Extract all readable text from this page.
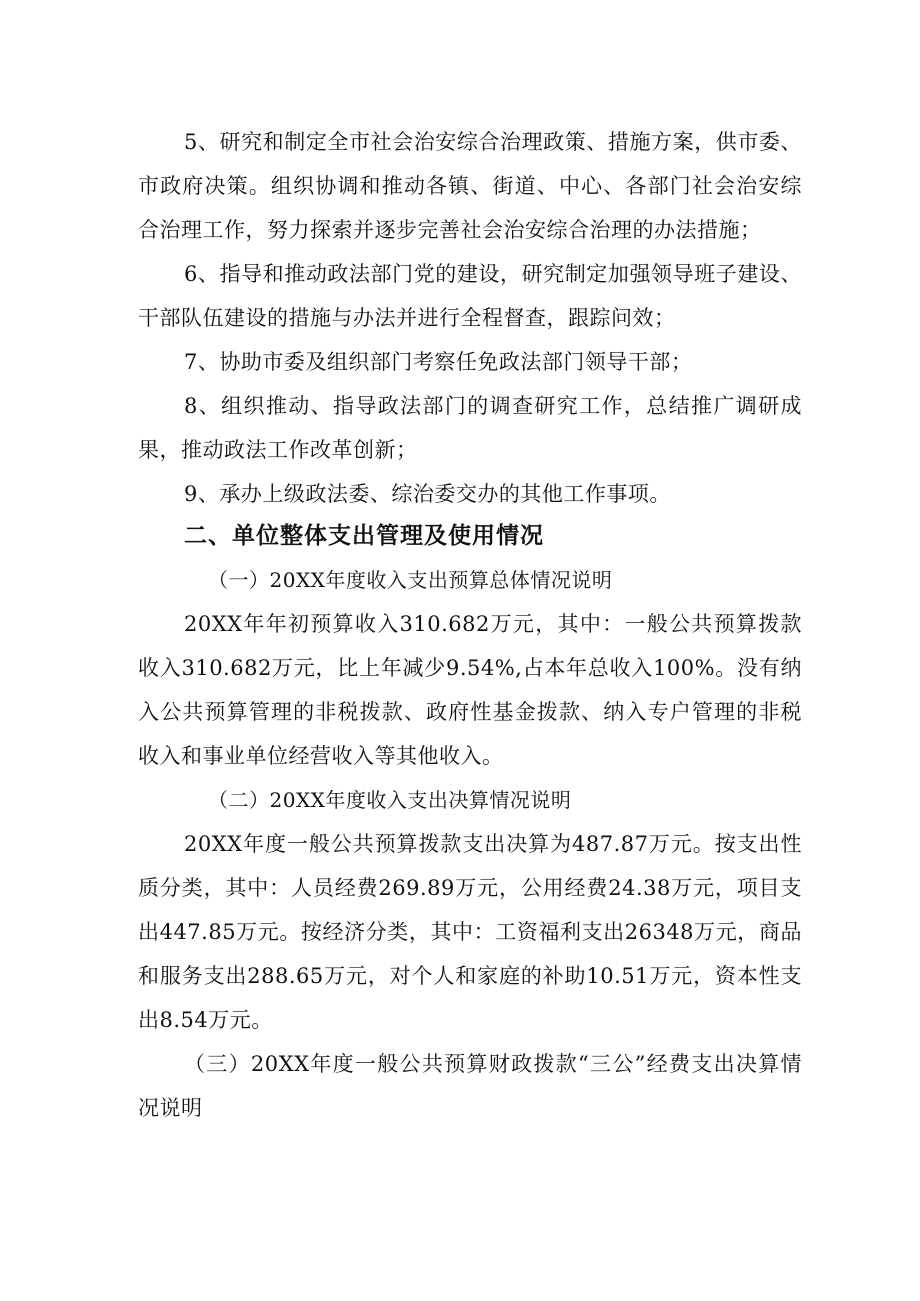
5、研究和制定全市社会治安综合治理政策、措施方案，供市委、市政府决策。组织协调和推动各镇、街道、中心、各部门社会治安综合治理工作，努力探索并逐步完善社会治安综合治理的办法措施；

6、指导和推动政法部门党的建设，研究制定加强领导班子建设、干部队伍建设的措施与办法并进行全程督查，跟踪问效；

7、协助市委及组织部门考察任免政法部门领导干部；

8、组织推动、指导政法部门的调查研究工作，总结推广调研成果，推动政法工作改革创新；

9、承办上级政法委、综治委交办的其他工作事项。

二、单位整体支出管理及使用情况

（一）20XX年度收入支出预算总体情况说明

20XX年年初预算收入310.682万元，其中：一般公共预算拨款收入310.682万元，比上年减少9.54%,占本年总收入100%。没有纳入公共预算管理的非税拨款、政府性基金拨款、纳入专户管理的非税收入和事业单位经营收入等其他收入。

（二）20XX年度收入支出决算情况说明

20XX年度一般公共预算拨款支出决算为487.87万元。按支出性质分类，其中：人员经费269.89万元，公用经费24.38万元，项目支出447.85万元。按经济分类，其中：工资福利支出26348万元，商品和服务支出288.65万元，对个人和家庭的补助10.51万元，资本性支出8.54万元。

（三）20XX年度一般公共预算财政拨款“三公”经费支出决算情况说明
